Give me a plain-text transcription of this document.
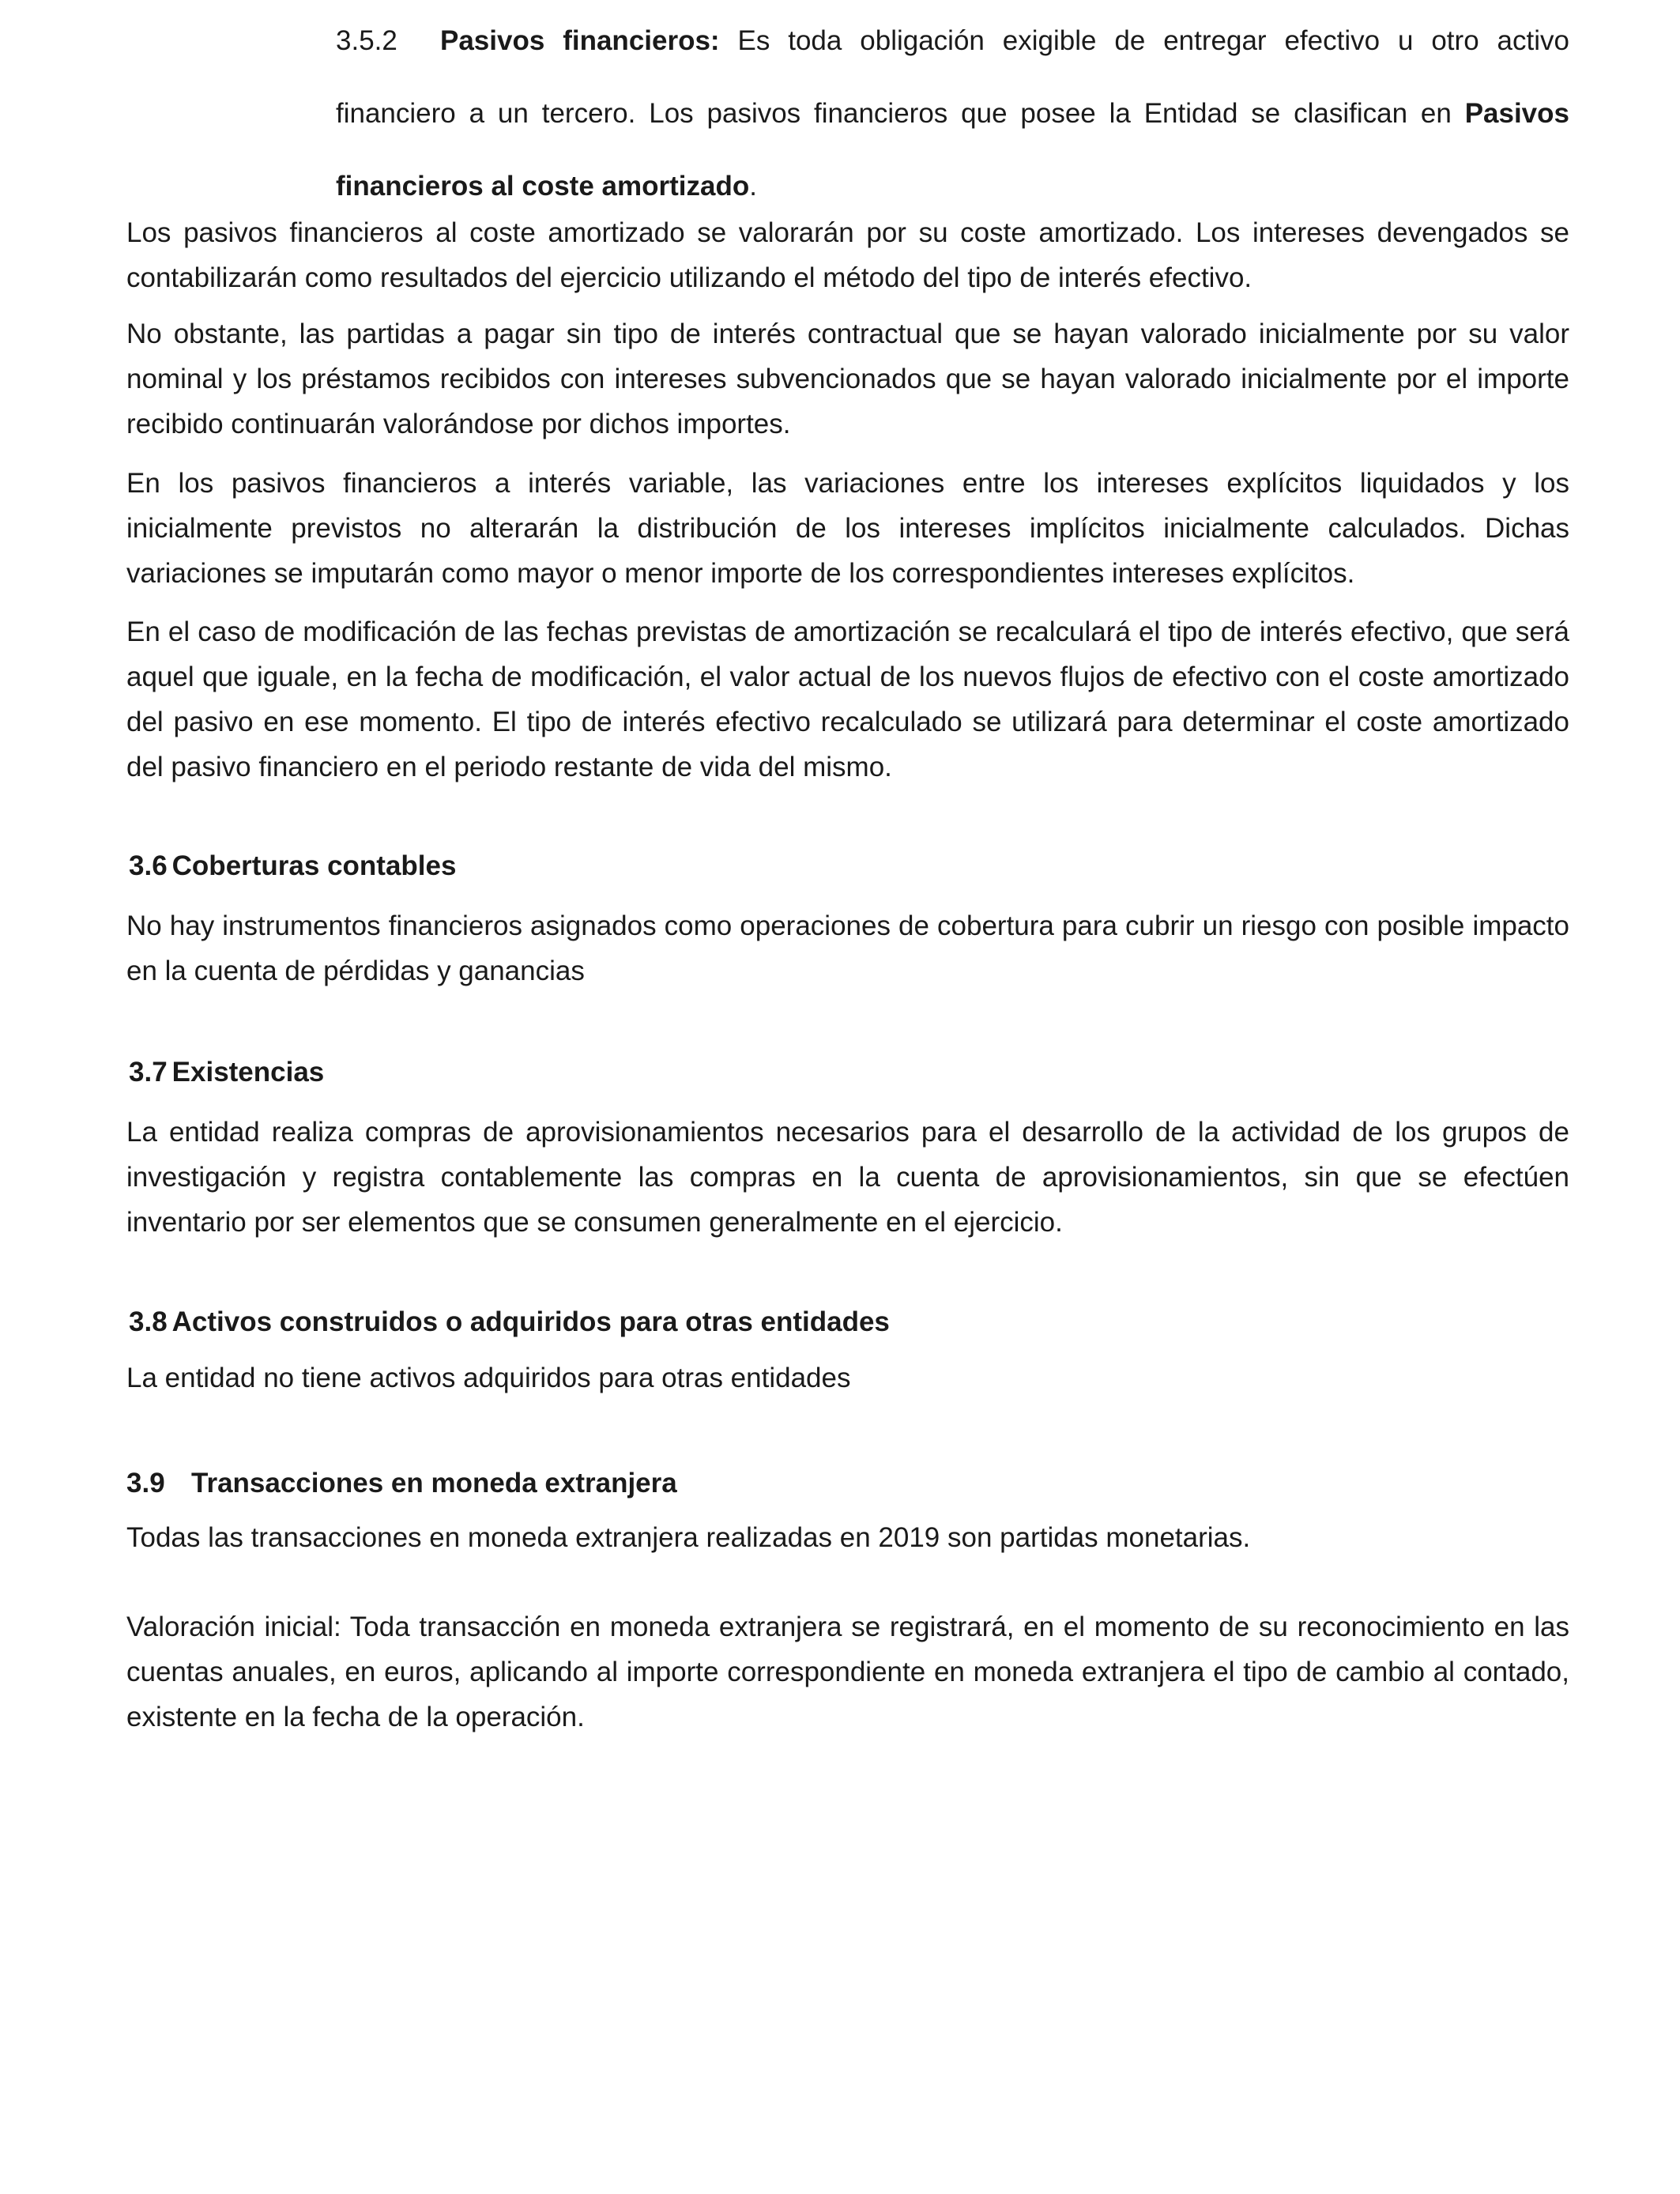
3.5.2 Pasivos financieros: Es toda obligación exigible de entregar efectivo u otro activo financiero a un tercero. Los pasivos financieros que posee la Entidad se clasifican en Pasivos financieros al coste amortizado.

Los pasivos financieros al coste amortizado se valorarán por su coste amortizado. Los intereses devengados se contabilizarán como resultados del ejercicio utilizando el método del tipo de interés efectivo.

No obstante, las partidas a pagar sin tipo de interés contractual que se hayan valorado inicialmente por su valor nominal y los préstamos recibidos con intereses subvencionados que se hayan valorado inicialmente por el importe recibido continuarán valorándose por dichos importes.

En los pasivos financieros a interés variable, las variaciones entre los intereses explícitos liquidados y los inicialmente previstos no alterarán la distribución de los intereses implícitos inicialmente calculados. Dichas variaciones se imputarán como mayor o menor importe de los correspondientes intereses explícitos.

En el caso de modificación de las fechas previstas de amortización se recalculará el tipo de interés efectivo, que será aquel que iguale, en la fecha de modificación, el valor actual de los nuevos flujos de efectivo con el coste amortizado del pasivo en ese momento. El tipo de interés efectivo recalculado se utilizará para determinar el coste amortizado del pasivo financiero en el periodo restante de vida del mismo.

3.6 Coberturas contables

No hay instrumentos financieros asignados como operaciones de cobertura para cubrir un riesgo con posible impacto en la cuenta de pérdidas y ganancias

3.7 Existencias

La entidad realiza compras de aprovisionamientos necesarios para el desarrollo de la actividad de los grupos de investigación y registra contablemente las compras en la cuenta de aprovisionamientos, sin que se efectúen inventario por ser elementos que se consumen generalmente en el ejercicio.

3.8 Activos construidos o adquiridos para otras entidades

La entidad no tiene activos adquiridos para otras entidades

3.9 Transacciones en moneda extranjera

Todas las transacciones en moneda extranjera realizadas en 2019 son partidas monetarias.

Valoración inicial: Toda transacción en moneda extranjera se registrará, en el momento de su reconocimiento en las cuentas anuales, en euros, aplicando al importe correspondiente en moneda extranjera el tipo de cambio al contado, existente en la fecha de la operación.
